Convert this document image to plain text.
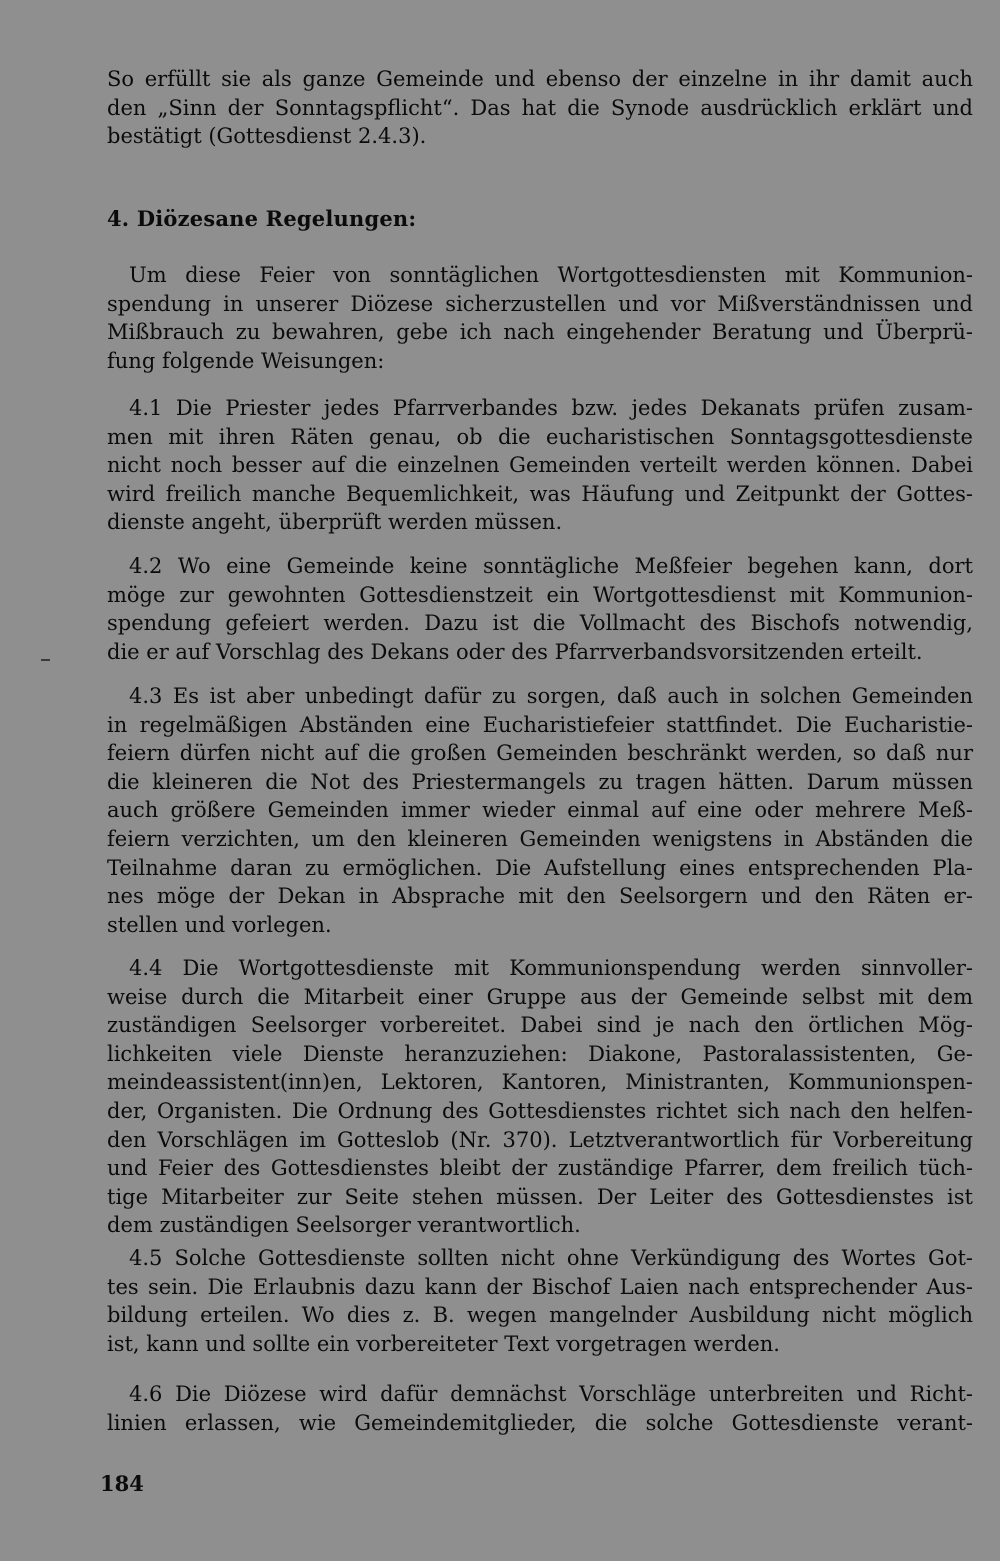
So erfüllt sie als ganze Gemeinde und ebenso der einzelne in ihr damit auch
den „Sinn der Sonntagspflicht“. Das hat die Synode ausdrücklich erklärt und
bestätigt (Gottesdienst 2.4.3).
4. Diözesane Regelungen:
Um diese Feier von sonntäglichen Wortgottesdiensten mit Kommunion-
spendung in unserer Diözese sicherzustellen und vor Mißverständnissen und
Mißbrauch zu bewahren, gebe ich nach eingehender Beratung und Überprü-
fung folgende Weisungen:
4.1 Die Priester jedes Pfarrverbandes bzw. jedes Dekanats prüfen zusam-
men mit ihren Räten genau, ob die eucharistischen Sonntagsgottesdienste
nicht noch besser auf die einzelnen Gemeinden verteilt werden können. Dabei
wird freilich manche Bequemlichkeit, was Häufung und Zeitpunkt der Gottes-
dienste angeht, überprüft werden müssen.
4.2 Wo eine Gemeinde keine sonntägliche Meßfeier begehen kann, dort
möge zur gewohnten Gottesdienstzeit ein Wortgottesdienst mit Kommunion-
spendung gefeiert werden. Dazu ist die Vollmacht des Bischofs notwendig,
die er auf Vorschlag des Dekans oder des Pfarrverbandsvorsitzenden erteilt.
4.3 Es ist aber unbedingt dafür zu sorgen, daß auch in solchen Gemeinden
in regelmäßigen Abständen eine Eucharistiefeier stattfindet. Die Eucharistie-
feiern dürfen nicht auf die großen Gemeinden beschränkt werden, so daß nur
die kleineren die Not des Priestermangels zu tragen hätten. Darum müssen
auch größere Gemeinden immer wieder einmal auf eine oder mehrere Meß-
feiern verzichten, um den kleineren Gemeinden wenigstens in Abständen die
Teilnahme daran zu ermöglichen. Die Aufstellung eines entsprechenden Pla-
nes möge der Dekan in Absprache mit den Seelsorgern und den Räten er-
stellen und vorlegen.
4.4 Die Wortgottesdienste mit Kommunionspendung werden sinnvoller-
weise durch die Mitarbeit einer Gruppe aus der Gemeinde selbst mit dem
zuständigen Seelsorger vorbereitet. Dabei sind je nach den örtlichen Mög-
lichkeiten viele Dienste heranzuziehen: Diakone, Pastoralassistenten, Ge-
meindeassistent(inn)en, Lektoren, Kantoren, Ministranten, Kommunionspen-
der, Organisten. Die Ordnung des Gottesdienstes richtet sich nach den helfen-
den Vorschlägen im Gotteslob (Nr. 370). Letztverantwortlich für Vorbereitung
und Feier des Gottesdienstes bleibt der zuständige Pfarrer, dem freilich tüch-
tige Mitarbeiter zur Seite stehen müssen. Der Leiter des Gottesdienstes ist
dem zuständigen Seelsorger verantwortlich.
4.5 Solche Gottesdienste sollten nicht ohne Verkündigung des Wortes Got-
tes sein. Die Erlaubnis dazu kann der Bischof Laien nach entsprechender Aus-
bildung erteilen. Wo dies z. B. wegen mangelnder Ausbildung nicht möglich
ist, kann und sollte ein vorbereiteter Text vorgetragen werden.
4.6 Die Diözese wird dafür demnächst Vorschläge unterbreiten und Richt-
linien erlassen, wie Gemeindemitglieder, die solche Gottesdienste verant-
184
